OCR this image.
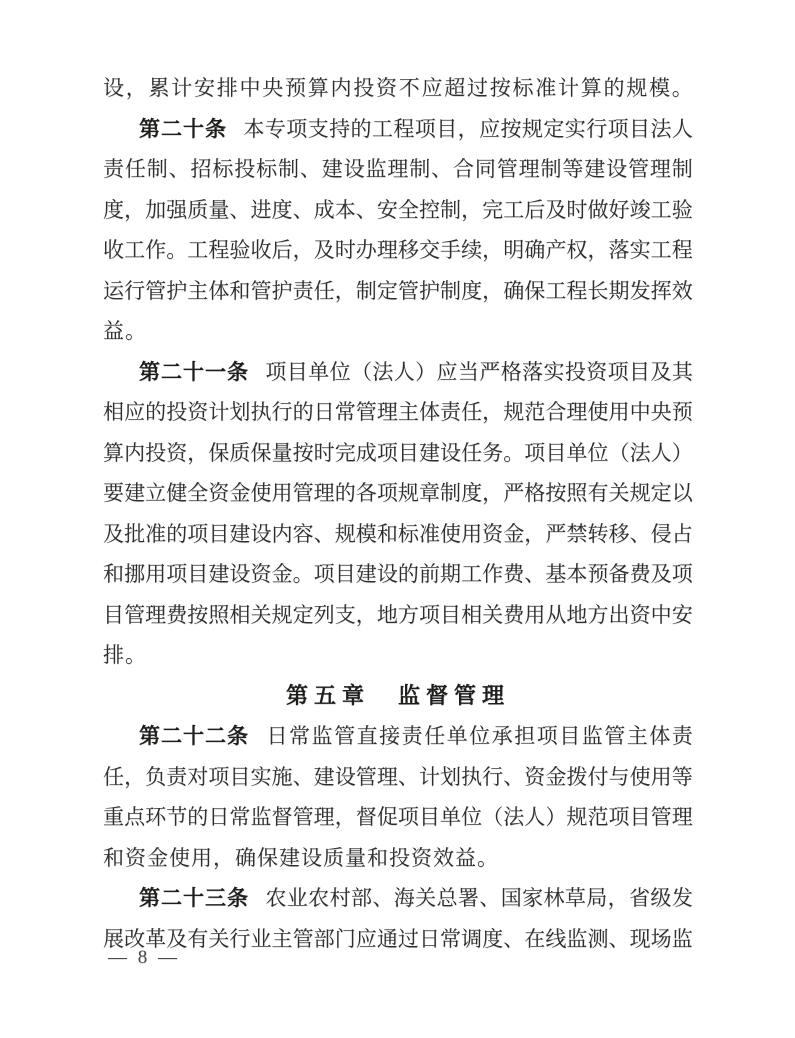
设 ， 累 计 安 排 中 央 预 算 内 投 资 不 应 超 过 按 标 准 计 算 的 规 模 。
第二十条 本 专 项 支 持 的 工 程 项 目 ， 应 按 规 定 实 行 项 目 法 人
责 任 制 、 招 标 投 标 制 、 建 设 监 理 制 、 合 同 管 理 制 等 建 设 管 理 制
度 ， 加 强 质 量 、 进 度 、 成 本 、 安 全 控 制 ， 完 工 后 及 时 做 好 竣 工 验
收 工 作 。 工 程 验 收 后 ， 及 时 办 理 移 交 手 续 ， 明 确 产 权 ， 落 实 工 程
运 行 管 护 主 体 和 管 护 责 任 ， 制 定 管 护 制 度 ， 确 保 工 程 长 期 发 挥 效
益。
第二十一条 项 目 单 位 （ 法 人 ） 应 当 严 格 落 实 投 资 项 目 及 其
相 应 的 投 资 计 划 执 行 的 日 常 管 理 主 体 责 任 ， 规 范 合 理 使 用 中 央 预
算 内 投 资 ， 保 质 保 量 按 时 完 成 项 目 建 设 任 务 。 项 目 单 位 （ 法 人 ）
要 建 立 健 全 资 金 使 用 管 理 的 各 项 规 章 制 度 ， 严 格 按 照 有 关 规 定 以
及 批 准 的 项 目 建 设 内 容 、 规 模 和 标 准 使 用 资 金 ， 严 禁 转 移 、 侵 占
和 挪 用 项 目 建 设 资 金 。 项 目 建 设 的 前 期 工 作 费 、 基 本 预 备 费 及 项
目 管 理 费 按 照 相 关 规 定 列 支 ， 地 方 项 目 相 关 费 用 从 地 方 出 资 中 安
排。
第五章　监督管理
第二十二条 日 常 监 管 直 接 责 任 单 位 承 担 项 目 监 管 主 体 责
任 ， 负 责 对 项 目 实 施 、 建 设 管 理 、 计 划 执 行 、 资 金 拨 付 与 使 用 等
重 点 环 节 的 日 常 监 督 管 理 ， 督 促 项 目 单 位 （ 法 人 ） 规 范 项 目 管 理
和资金使用，确保建设质量和投资效益。
第二十三条 农 业 农 村 部 、 海 关 总 署 、 国 家 林 草 局 ， 省 级 发
展 改 革 及 有 关 行 业 主 管 部 门 应 通 过 日 常 调 度 、 在 线 监 测 、 现 场 监
— 8 —
